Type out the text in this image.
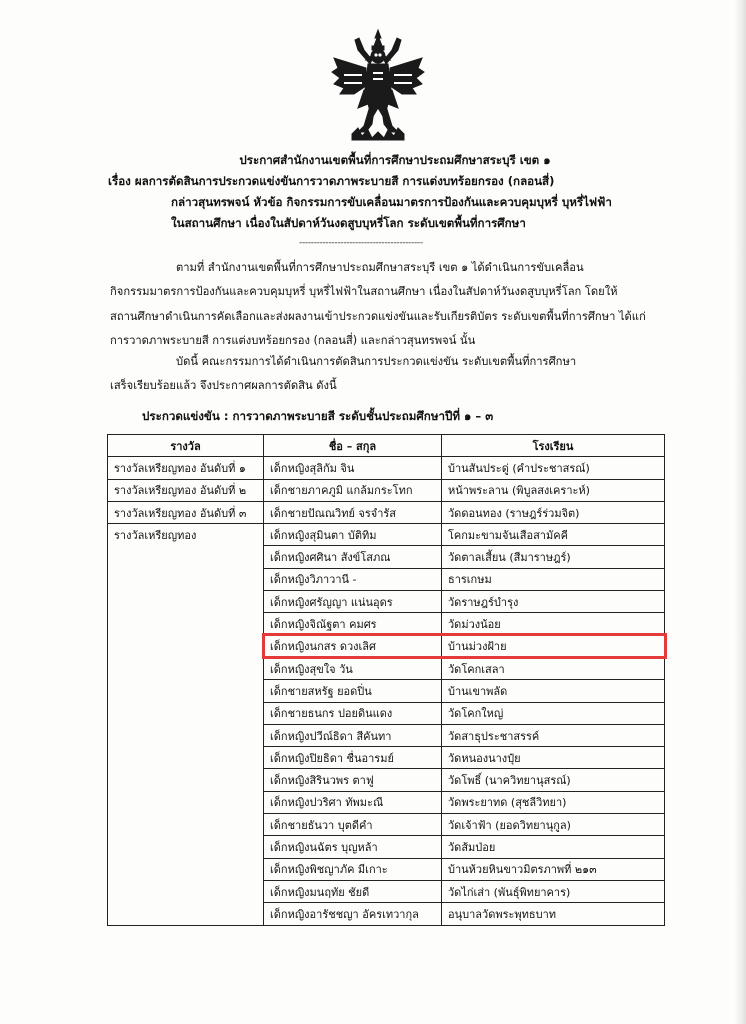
ประกาศสำนักงานเขตพื้นที่การศึกษาประถมศึกษาสระบุรี เขต ๑
เรื่อง ผลการตัดสินการประกวดแข่งขันการวาดภาพระบายสี การแต่งบทร้อยกรอง (กลอนสี่)
กล่าวสุนทรพจน์ หัวข้อ กิจกรรมการขับเคลื่อนมาตรการป้องกันและควบคุมบุหรี่ บุหรี่ไฟฟ้า
ในสถานศึกษา เนื่องในสัปดาห์วันงดสูบบุหรี่โลก ระดับเขตพื้นที่การศึกษา
------------------------------------------
ตามที่ สำนักงานเขตพื้นที่การศึกษาประถมศึกษาสระบุรี เขต ๑ ได้ดำเนินการขับเคลื่อน
กิจกรรมมาตรการป้องกันและควบคุมบุหรี่ บุหรี่ไฟฟ้าในสถานศึกษา เนื่องในสัปดาห์วันงดสูบบุหรี่โลก โดยให้
สถานศึกษาดำเนินการคัดเลือกและส่งผลงานเข้าประกวดแข่งขันและรับเกียรติบัตร ระดับเขตพื้นที่การศึกษา ได้แก่
การวาดภาพระบายสี การแต่งบทร้อยกรอง (กลอนสี่) และกล่าวสุนทรพจน์ นั้น
บัดนี้ คณะกรรมการได้ดำเนินการตัดสินการประกวดแข่งขัน ระดับเขตพื้นที่การศึกษา
เสร็จเรียบร้อยแล้ว จึงประกาศผลการตัดสิน ดังนี้
ประกวดแข่งขัน : การวาดภาพระบายสี ระดับชั้นประถมศึกษาปีที่ ๑ – ๓
รางวัล	ชื่อ – สกุล	โรงเรียน
รางวัลเหรียญทอง อันดับที่ ๑	เด็กหญิงสุลิกัม จิน	บ้านสันประดู่ (คำประชาสรณ์)
รางวัลเหรียญทอง อันดับที่ ๒	เด็กชายภาคภูมิ แกล้มกระโทก	หน้าพระลาน (พิบูลสงเคราะห์)
รางวัลเหรียญทอง อันดับที่ ๓	เด็กชายปัณณวิทย์ จรจำรัส	วัดดอนทอง (ราษฎร์ร่วมจิต)
รางวัลเหรียญทอง	เด็กหญิงสุมินตา บัติทิม	โคกมะขามจันเสือสามัคคี
	เด็กหญิงศศินา สังข์โสภณ	วัดตาลเสี้ยน (สีมาราษฎร์)
	เด็กหญิงวิภาวานี -	ธารเกษม
	เด็กหญิงศรัญญา แน่นอุดร	วัดราษฎร์บำรุง
	เด็กหญิงจิณัฐตา คมศร	วัดม่วงน้อย
	เด็กหญิงนกสร ดวงเลิศ	บ้านม่วงฝ้าย
	เด็กหญิงสุขใจ วัน	วัดโคกเสลา
	เด็กชายสหรัฐ ยอดปิ่น	บ้านเขาพลัด
	เด็กชายธนกร ปอยดินแดง	วัดโคกใหญ่
	เด็กหญิงปวีณ์ธิดา สีคันทา	วัดสาธุประชาสรรค์
	เด็กหญิงปิยธิดา ชื่นอารมย์	วัดหนองนางปุ๋ย
	เด็กหญิงสิรินวพร ตาฟู	วัดโพธิ์ (นาควิทยานุสรณ์)
	เด็กหญิงปวริศา ทัพมะณี	วัดพระยาทด (สุชลีวิทยา)
	เด็กชายธันวา บุตดีคำ	วัดเจ้าฟ้า (ยอดวิทยานุกูล)
	เด็กหญิงนฉัตร บุญหล้า	วัดส้มป่อย
	เด็กหญิงพิชญาภัค มีเกาะ	บ้านห้วยหินขาวมิตรภาพที่ ๒๑๓
	เด็กหญิงมนฤทัย ชัยดี	วัดไก่เส่า (พันธุ์พิทยาคาร)
	เด็กหญิงอารัชชญา อัครเทวากุล	อนุบาลวัดพระพุทธบาท
